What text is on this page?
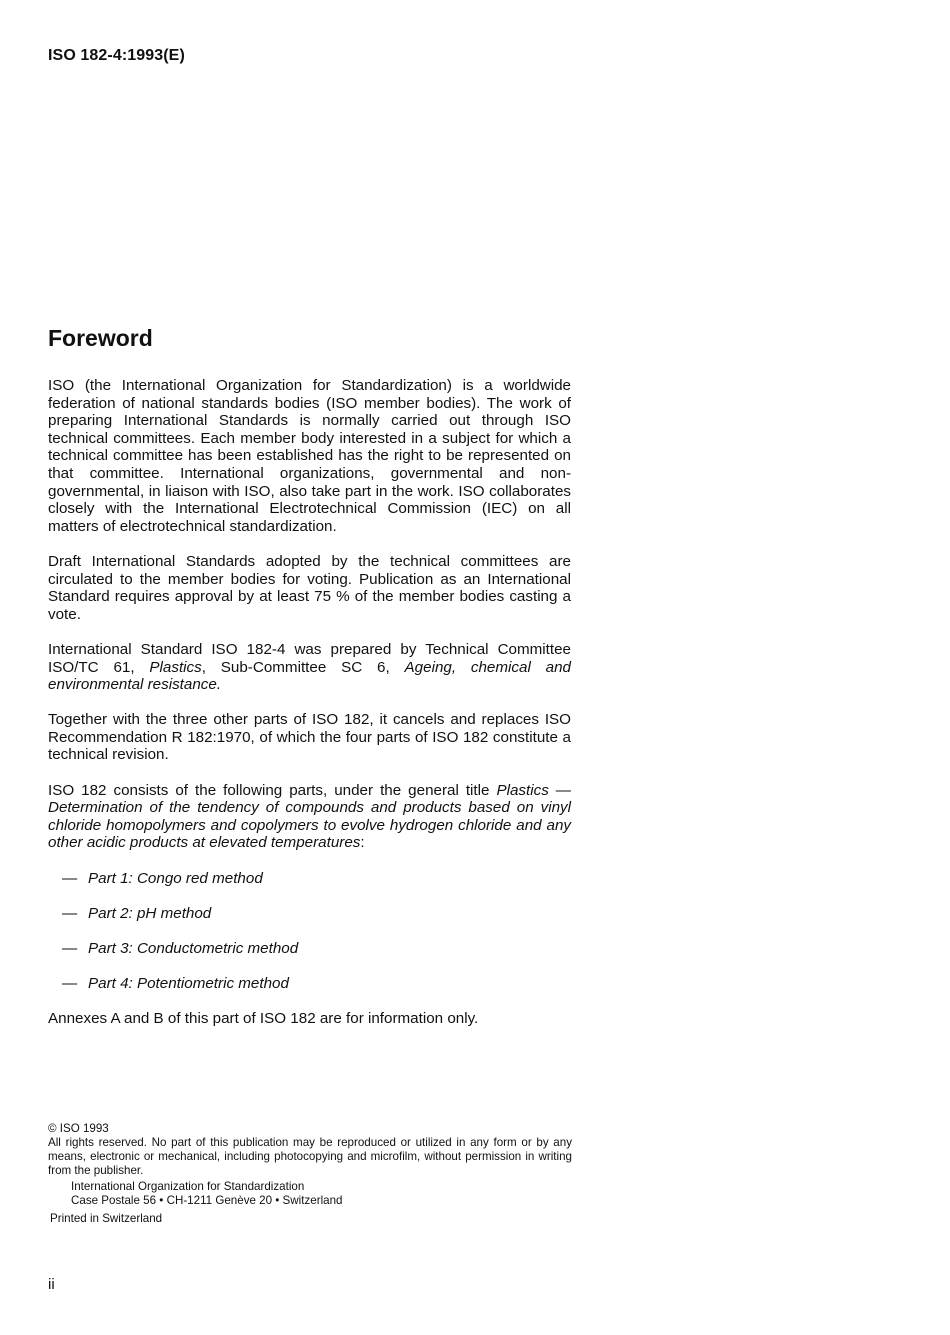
ISO 182-4:1993(E)
Foreword

ISO (the International Organization for Standardization) is a worldwide federation of national standards bodies (ISO member bodies). The work of preparing International Standards is normally carried out through ISO technical committees. Each member body interested in a subject for which a technical committee has been established has the right to be represented on that committee. International organizations, governmental and non-governmental, in liaison with ISO, also take part in the work. ISO collaborates closely with the International Electrotechnical Commission (IEC) on all matters of electrotechnical standardization.

Draft International Standards adopted by the technical committees are circulated to the member bodies for voting. Publication as an International Standard requires approval by at least 75 % of the member bodies casting a vote.

International Standard ISO 182-4 was prepared by Technical Committee ISO/TC 61, Plastics, Sub-Committee SC 6, Ageing, chemical and environmental resistance.

Together with the three other parts of ISO 182, it cancels and replaces ISO Recommendation R 182:1970, of which the four parts of ISO 182 constitute a technical revision.

ISO 182 consists of the following parts, under the general title Plastics — Determination of the tendency of compounds and products based on vinyl chloride homopolymers and copolymers to evolve hydrogen chloride and any other acidic products at elevated temperatures:

— Part 1: Congo red method
— Part 2: pH method
— Part 3: Conductometric method
— Part 4: Potentiometric method

Annexes A and B of this part of ISO 182 are for information only.

© ISO 1993

All rights reserved. No part of this publication may be reproduced or utilized in any form or by any means, electronic or mechanical, including photocopying and microfilm, without permission in writing from the publisher.

International Organization for Standardization

Case Postale 56 • CH-1211 Genève 20 • Switzerland

Printed in Switzerland

ii
